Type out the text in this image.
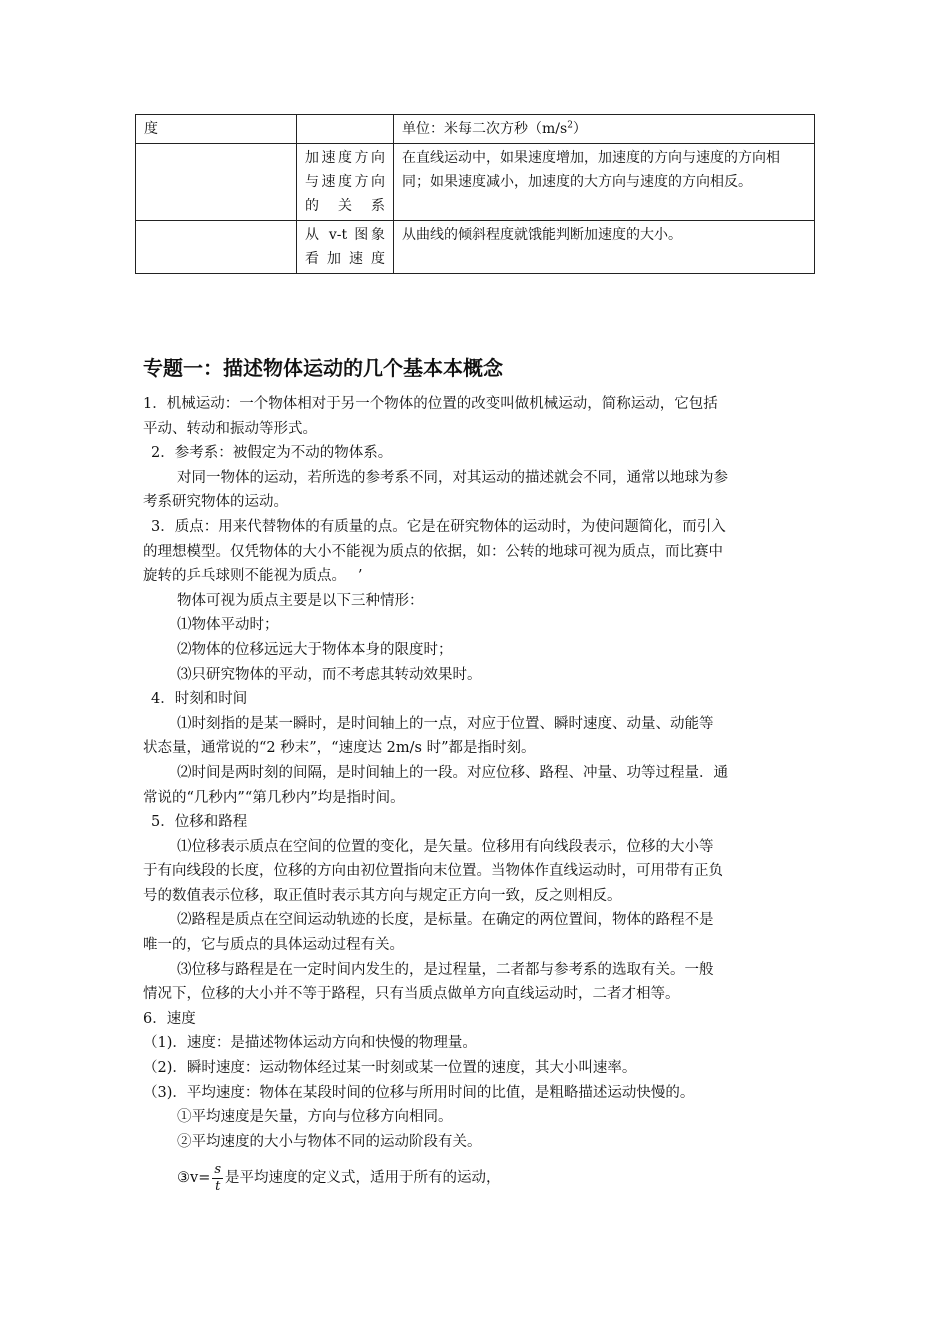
度		单位：米每二次方秒$(m/s^2)$
	加速度方向与速度方向的关系	在直线运动中，如果速度增加，加速度的方向与速度的方向相同；如果速度减小，加速度的大方向与速度的方向相反。
	从 v-t 图象看加速度	从曲线的倾斜程度就饿能判断加速度的大小。
专题一：描述物体运动的几个基本本概念

1．机械运动：一个物体相对于另一个物体的位置的改变叫做机械运动，简称运动，它包括

平动、转动和振动等形式。

2．参考系：被假定为不动的物体系。

对同一物体的运动，若所选的参考系不同，对其运动的描述就会不同，通常以地球为参

考系研究物体的运动。

3．质点：用来代替物体的有质量的点。它是在研究物体的运动时，为使问题简化，而引入

的理想模型。仅凭物体的大小不能视为质点的依据，如：公转的地球可视为质点，而比赛中

旋转的乒乓球则不能视为质点。　 ’

物体可视为质点主要是以下三种情形：

⑴物体平动时；

⑵物体的位移远远大于物体本身的限度时；

⑶只研究物体的平动，而不考虑其转动效果时。

4．时刻和时间

⑴时刻指的是某一瞬时，是时间轴上的一点，对应于位置、瞬时速度、动量、动能等

状态量，通常说的“2 秒末”，“速度达 2m/s 时”都是指时刻。

⑵时间是两时刻的间隔，是时间轴上的一段。对应位移、路程、冲量、功等过程量．通

常说的“几秒内”“第几秒内”均是指时间。

5．位移和路程

⑴位移表示质点在空间的位置的变化，是矢量。位移用有向线段表示，位移的大小等

于有向线段的长度，位移的方向由初位置指向末位置。当物体作直线运动时，可用带有正负

号的数值表示位移，取正值时表示其方向与规定正方向一致，反之则相反。

⑵路程是质点在空间运动轨迹的长度，是标量。在确定的两位置间，物体的路程不是

唯一的，它与质点的具体运动过程有关。

⑶位移与路程是在一定时间内发生的，是过程量，二者都与参考系的选取有关。一般

情况下，位移的大小并不等于路程，只有当质点做单方向直线运动时，二者才相等。

6．速度

（1)．速度：是描述物体运动方向和快慢的物理量。

（2)．瞬时速度：运动物体经过某一时刻或某一位置的速度，其大小叫速率。

（3)．平均速度：物体在某段时间的位移与所用时间的比值，是粗略描述运动快慢的。

①平均速度是矢量，方向与位移方向相同。

②平均速度的大小与物体不同的运动阶段有关。

③v= $\frac{s}{t}$ 是平均速度的定义式，适用于所有的运动，
